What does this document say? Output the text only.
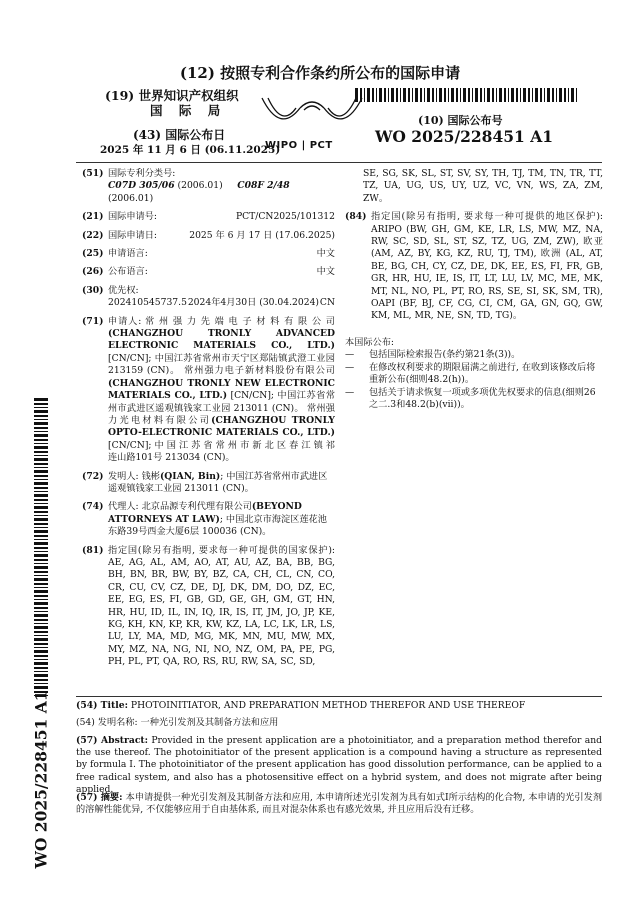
(12) 按照专利合作条约所公布的国际申请
(19) 世界知识产权组织
国 际 局
(43) 国际公布日
2025 年 11 月 6 日 (06.11.2025)
WIPO | PCT
(10) 国际公布号
WO 2025/228451 A1
(51) 国际专利分类号:
C07D 305/06 (2006.01) C08F 2/48 (2006.01)
(21) 国际申请号:	PCT/CN2025/101312
(22) 国际申请日:	2025 年 6 月 17 日 (17.06.2025)
(25) 申请语言:	中文
(26) 公布语言:	中文
(30) 优先权:
202410545737.5 2024年4月30日 (30.04.2024) CN
(71) 申请人: 常 州 强 力 先 端 电 子 材 料 有 限 公 司(CHANGZHOU TRONLY ADVANCED ELECTRONIC MATERIALS CO., LTD.) [CN/CN]; 中国江苏省常州市天宁区郑陆镇武澄工业园 213159 (CN)。 常州强力电子新材料股份有限公司(CHANGZHOU TRONLY NEW ELECTRONIC MATERIALS CO., LTD.) [CN/CN]; 中国江苏省常州市武进区遥观镇钱家工业园 213011 (CN)。 常州强力光电材料有限公司(CHANGZHOU TRONLY OPTO-ELECTRONIC MATERIALS CO., LTD.) [CN/CN]; 中 国 江 苏 省 常 州 市 新 北 区 春 江 镇 祁 连山路101号 213034 (CN)。
(72) 发明人: 钱彬(QIAN, Bin); 中国江苏省常州市武进区遥观镇钱家工业园 213011 (CN)。
(74) 代理人: 北京品源专利代理有限公司(BEYOND ATTORNEYS AT LAW); 中国北京市海淀区莲花池东路39号西金大厦6层 100036 (CN)。
(81) 指定国(除另有指明, 要求每一种可提供的国家保护): AE, AG, AL, AM, AO, AT, AU, AZ, BA, BB, BG, BH, BN, BR, BW, BY, BZ, CA, CH, CL, CN, CO, CR, CU, CV, CZ, DE, DJ, DK, DM, DO, DZ, EC, EE, EG, ES, FI, GB, GD, GE, GH, GM, GT, HN, HR, HU, ID, IL, IN, IQ, IR, IS, IT, JM, JO, JP, KE, KG, KH, KN, KP, KR, KW, KZ, LA, LC, LK, LR, LS, LU, LY, MA, MD, MG, MK, MN, MU, MW, MX, MY, MZ, NA, NG, NI, NO, NZ, OM, PA, PE, PG, PH, PL, PT, QA, RO, RS, RU, RW, SA, SC, SD,
SE, SG, SK, SL, ST, SV, SY, TH, TJ, TM, TN, TR, TT, TZ, UA, UG, US, UY, UZ, VC, VN, WS, ZA, ZM, ZW。
(84) 指定国(除另有指明, 要求每一种可提供的地区保护): ARIPO (BW, GH, GM, KE, LR, LS, MW, MZ, NA, RW, SC, SD, SL, ST, SZ, TZ, UG, ZM, ZW), 欧亚 (AM, AZ, BY, KG, KZ, RU, TJ, TM), 欧洲 (AL, AT, BE, BG, CH, CY, CZ, DE, DK, EE, ES, FI, FR, GB, GR, HR, HU, IE, IS, IT, LT, LU, LV, MC, ME, MK, MT, NL, NO, PL, PT, RO, RS, SE, SI, SK, SM, TR), OAPI (BF, BJ, CF, CG, CI, CM, GA, GN, GQ, GW, KM, ML, MR, NE, SN, TD, TG)。
本国际公布:
—	包括国际检索报告(条约第21条(3))。
—	在修改权利要求的期限届满之前进行, 在收到该修改后将重新公布(细则48.2(h))。
—	包括关于请求恢复一项或多项优先权要求的信息(细则26之二.3和48.2(b)(vii))。
WO 2025/228451 A1	(54) Title: PHOTOINITIATOR, AND PREPARATION METHOD THEREFOR AND USE THEREOF
(54) 发明名称: 一种光引发剂及其制备方法和应用
(57) Abstract: Provided in the present application are a photoinitiator, and a preparation method therefor and the use thereof. The photoinitiator of the present application is a compound having a structure as represented by formula I. The photoinitiator of the present application has good dissolution performance, can be applied to a free radical system, and also has a photosensitive effect on a hybrid system, and does not migrate after being applied.
(57) 摘要: 本申请提供一种光引发剂及其制备方法和应用, 本申请所述光引发剂为具有如式I所示结构的化合物, 本申请的光引发剂的溶解性能优异, 不仅能够应用于自由基体系, 而且对混杂体系也有感光效果, 并且应用后没有迁移。
